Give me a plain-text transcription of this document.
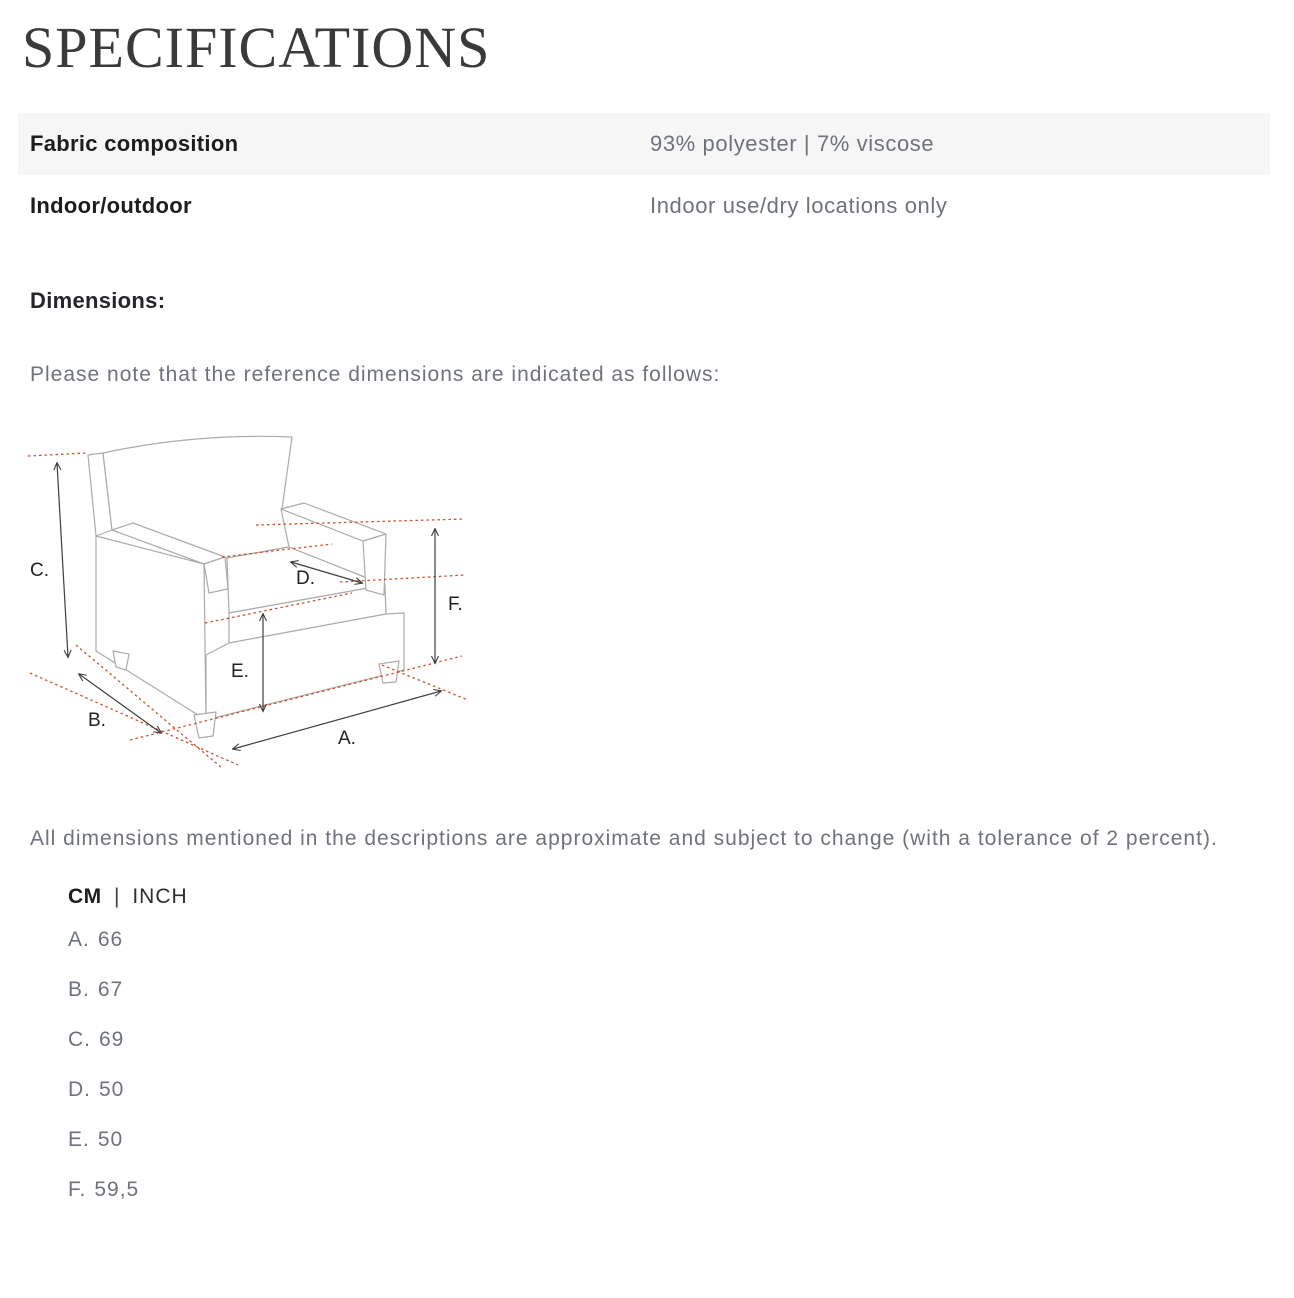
SPECIFICATIONS
Fabric composition	93% polyester | 7% viscose
Indoor/outdoor	Indoor use/dry locations only
Dimensions:
Please note that the reference dimensions are indicated as follows:
C.
B.
D.
E.
F.
A.

All dimensions mentioned in the descriptions are approximate and subject to change (with a tolerance of 2 percent).

CM | INCH
A. 66
B. 67
C. 69
D. 50
E. 50
F. 59,5
